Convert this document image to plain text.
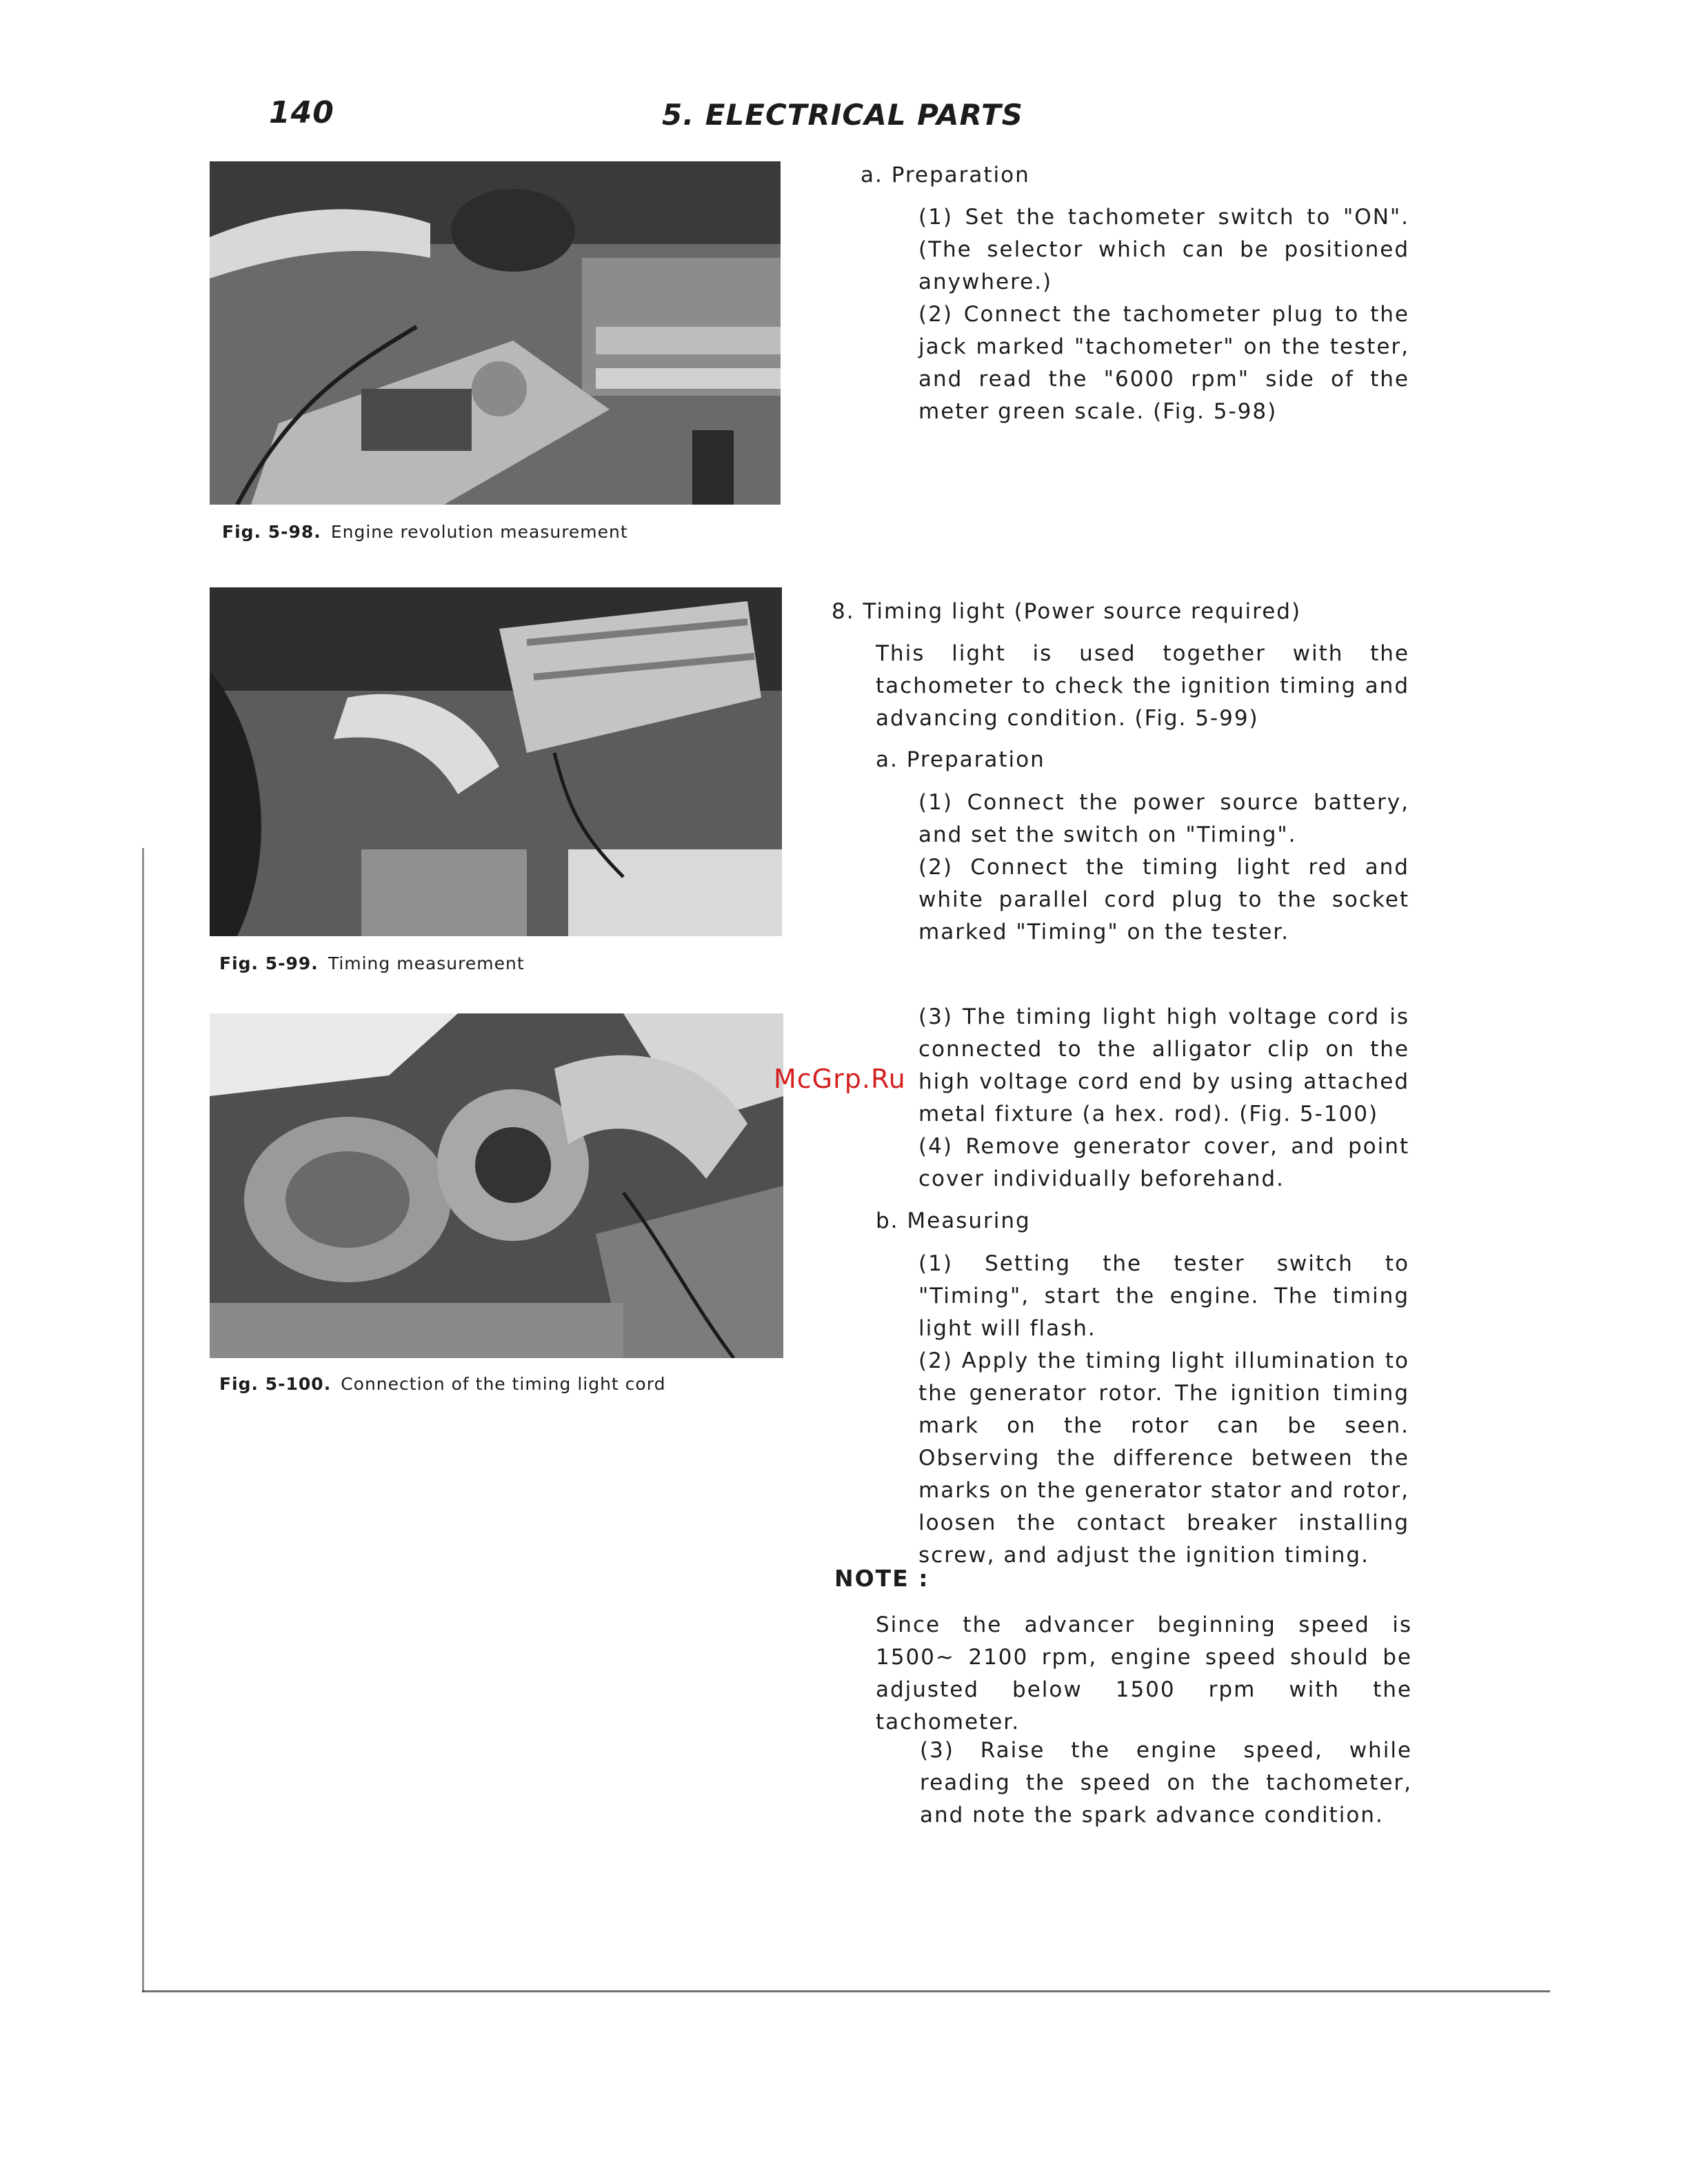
140	5. ELECTRICAL PARTS
Fig. 5-98. Engine revolution measurement
Fig. 5-99. Timing measurement
Fig. 5-100. Connection of the timing light cord
a. Preparation

(1) Set the tachometer switch to "ON". (The selector which can be positioned anywhere.)

(2) Connect the tachometer plug to the jack marked "tachometer" on the tester, and read the "6000 rpm" side of the meter green scale. (Fig. 5-98)

8. Timing light (Power source required)

This light is used together with the tachometer to check the ignition timing and advancing condition. (Fig. 5-99)

a. Preparation

(1) Connect the power source battery, and set the switch on "Timing".

(2) Connect the timing light red and white parallel cord plug to the socket marked "Timing" on the tester.

(3) The timing light high voltage cord is connected to the alligator clip on the high voltage cord end by using attached metal fixture (a hex. rod). (Fig. 5-100)

(4) Remove generator cover, and point cover individually beforehand.

b. Measuring

(1) Setting the tester switch to "Timing", start the engine. The timing light will flash.

(2) Apply the timing light illumination to the generator rotor. The ignition timing mark on the rotor can be seen. Observing the difference between the marks on the generator stator and rotor, loosen the contact breaker installing screw, and adjust the ignition timing.

NOTE :

Since the advancer beginning speed is 1500~ 2100 rpm, engine speed should be adjusted below 1500 rpm with the tachometer.

(3) Raise the engine speed, while reading the speed on the tachometer, and note the spark advance condition.

McGrp.Ru
